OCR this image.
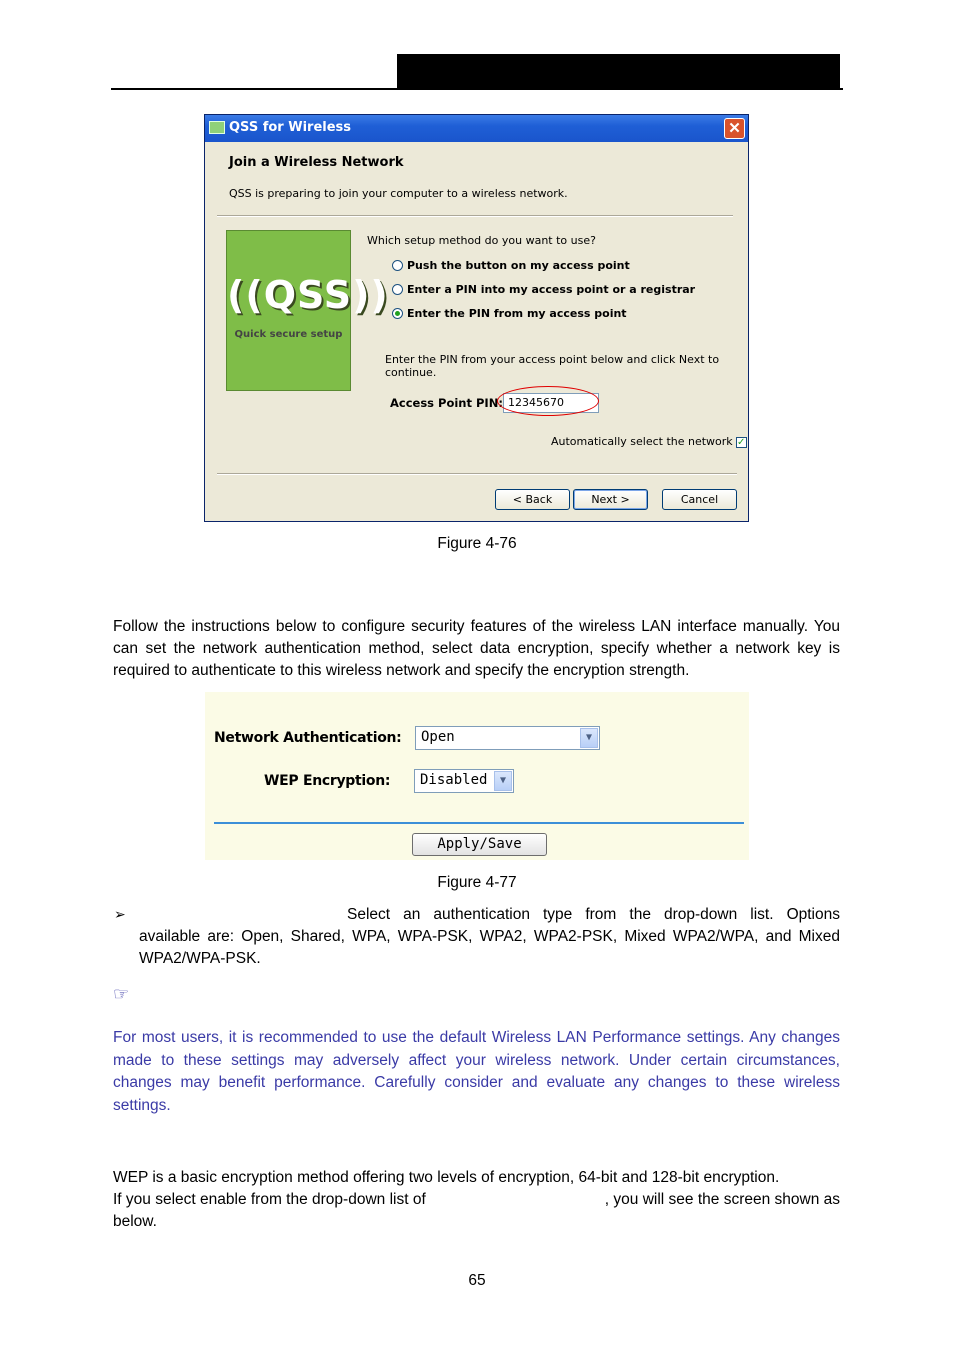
QSS for Wireless	✕
Join a Wireless Network
QSS is preparing to join your computer to a wireless network.
((QSS))
Quick secure setup
Which setup method do you want to use?
Push the button on my access point
Enter a PIN into my access point or a registrar
Enter the PIN from my access point
Enter the PIN from your access point below and click Next to continue.
Access Point PIN: 12345670
Automatically select the network ✓
< Back	Next >	Cancel
Figure 4-76
Follow the instructions below to configure security features of the wireless LAN interface manually. You can set the network authentication method, select data encryption, specify whether a network key is required to authenticate to this wireless network and specify the encryption strength.
Network Authentication:	Open	▼
WEP Encryption:	Disabled	▼
Apply/Save
Figure 4-77
➢	Select an authentication type from the drop-down list. Options
available are: Open, Shared, WPA, WPA-PSK, WPA2, WPA2-PSK, Mixed WPA2/WPA, and Mixed WPA2/WPA-PSK.
☞
For most users, it is recommended to use the default Wireless LAN Performance settings. Any changes made to these settings may adversely affect your wireless network. Under certain circumstances, changes may benefit performance. Carefully consider and evaluate any changes to these wireless settings.
WEP is a basic encryption method offering two levels of encryption, 64-bit and 128-bit encryption.
If you select enable from the drop-down list of	, you will see the screen shown as
below.
65
